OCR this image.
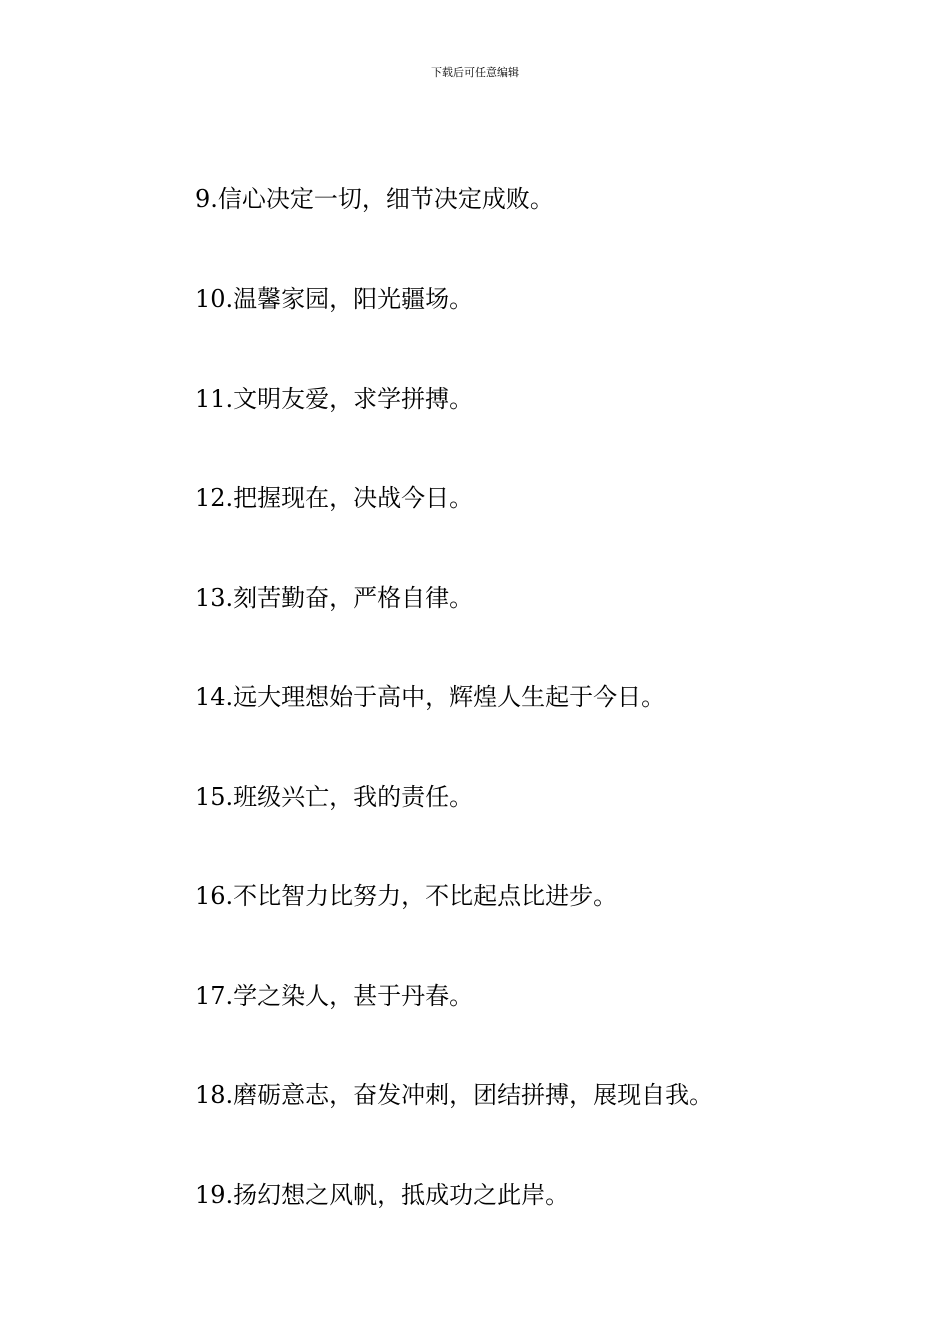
下载后可任意编辑
9.信心决定一切，细节决定成败。
10.温馨家园，阳光疆场。
11.文明友爱，求学拼搏。
12.把握现在，决战今日。
13.刻苦勤奋，严格自律。
14.远大理想始于高中，辉煌人生起于今日。
15.班级兴亡，我的责任。
16.不比智力比努力，不比起点比进步。
17.学之染人，甚于丹春。
18.磨砺意志，奋发冲刺，团结拼搏，展现自我。
19.扬幻想之风帆，抵成功之此岸。
